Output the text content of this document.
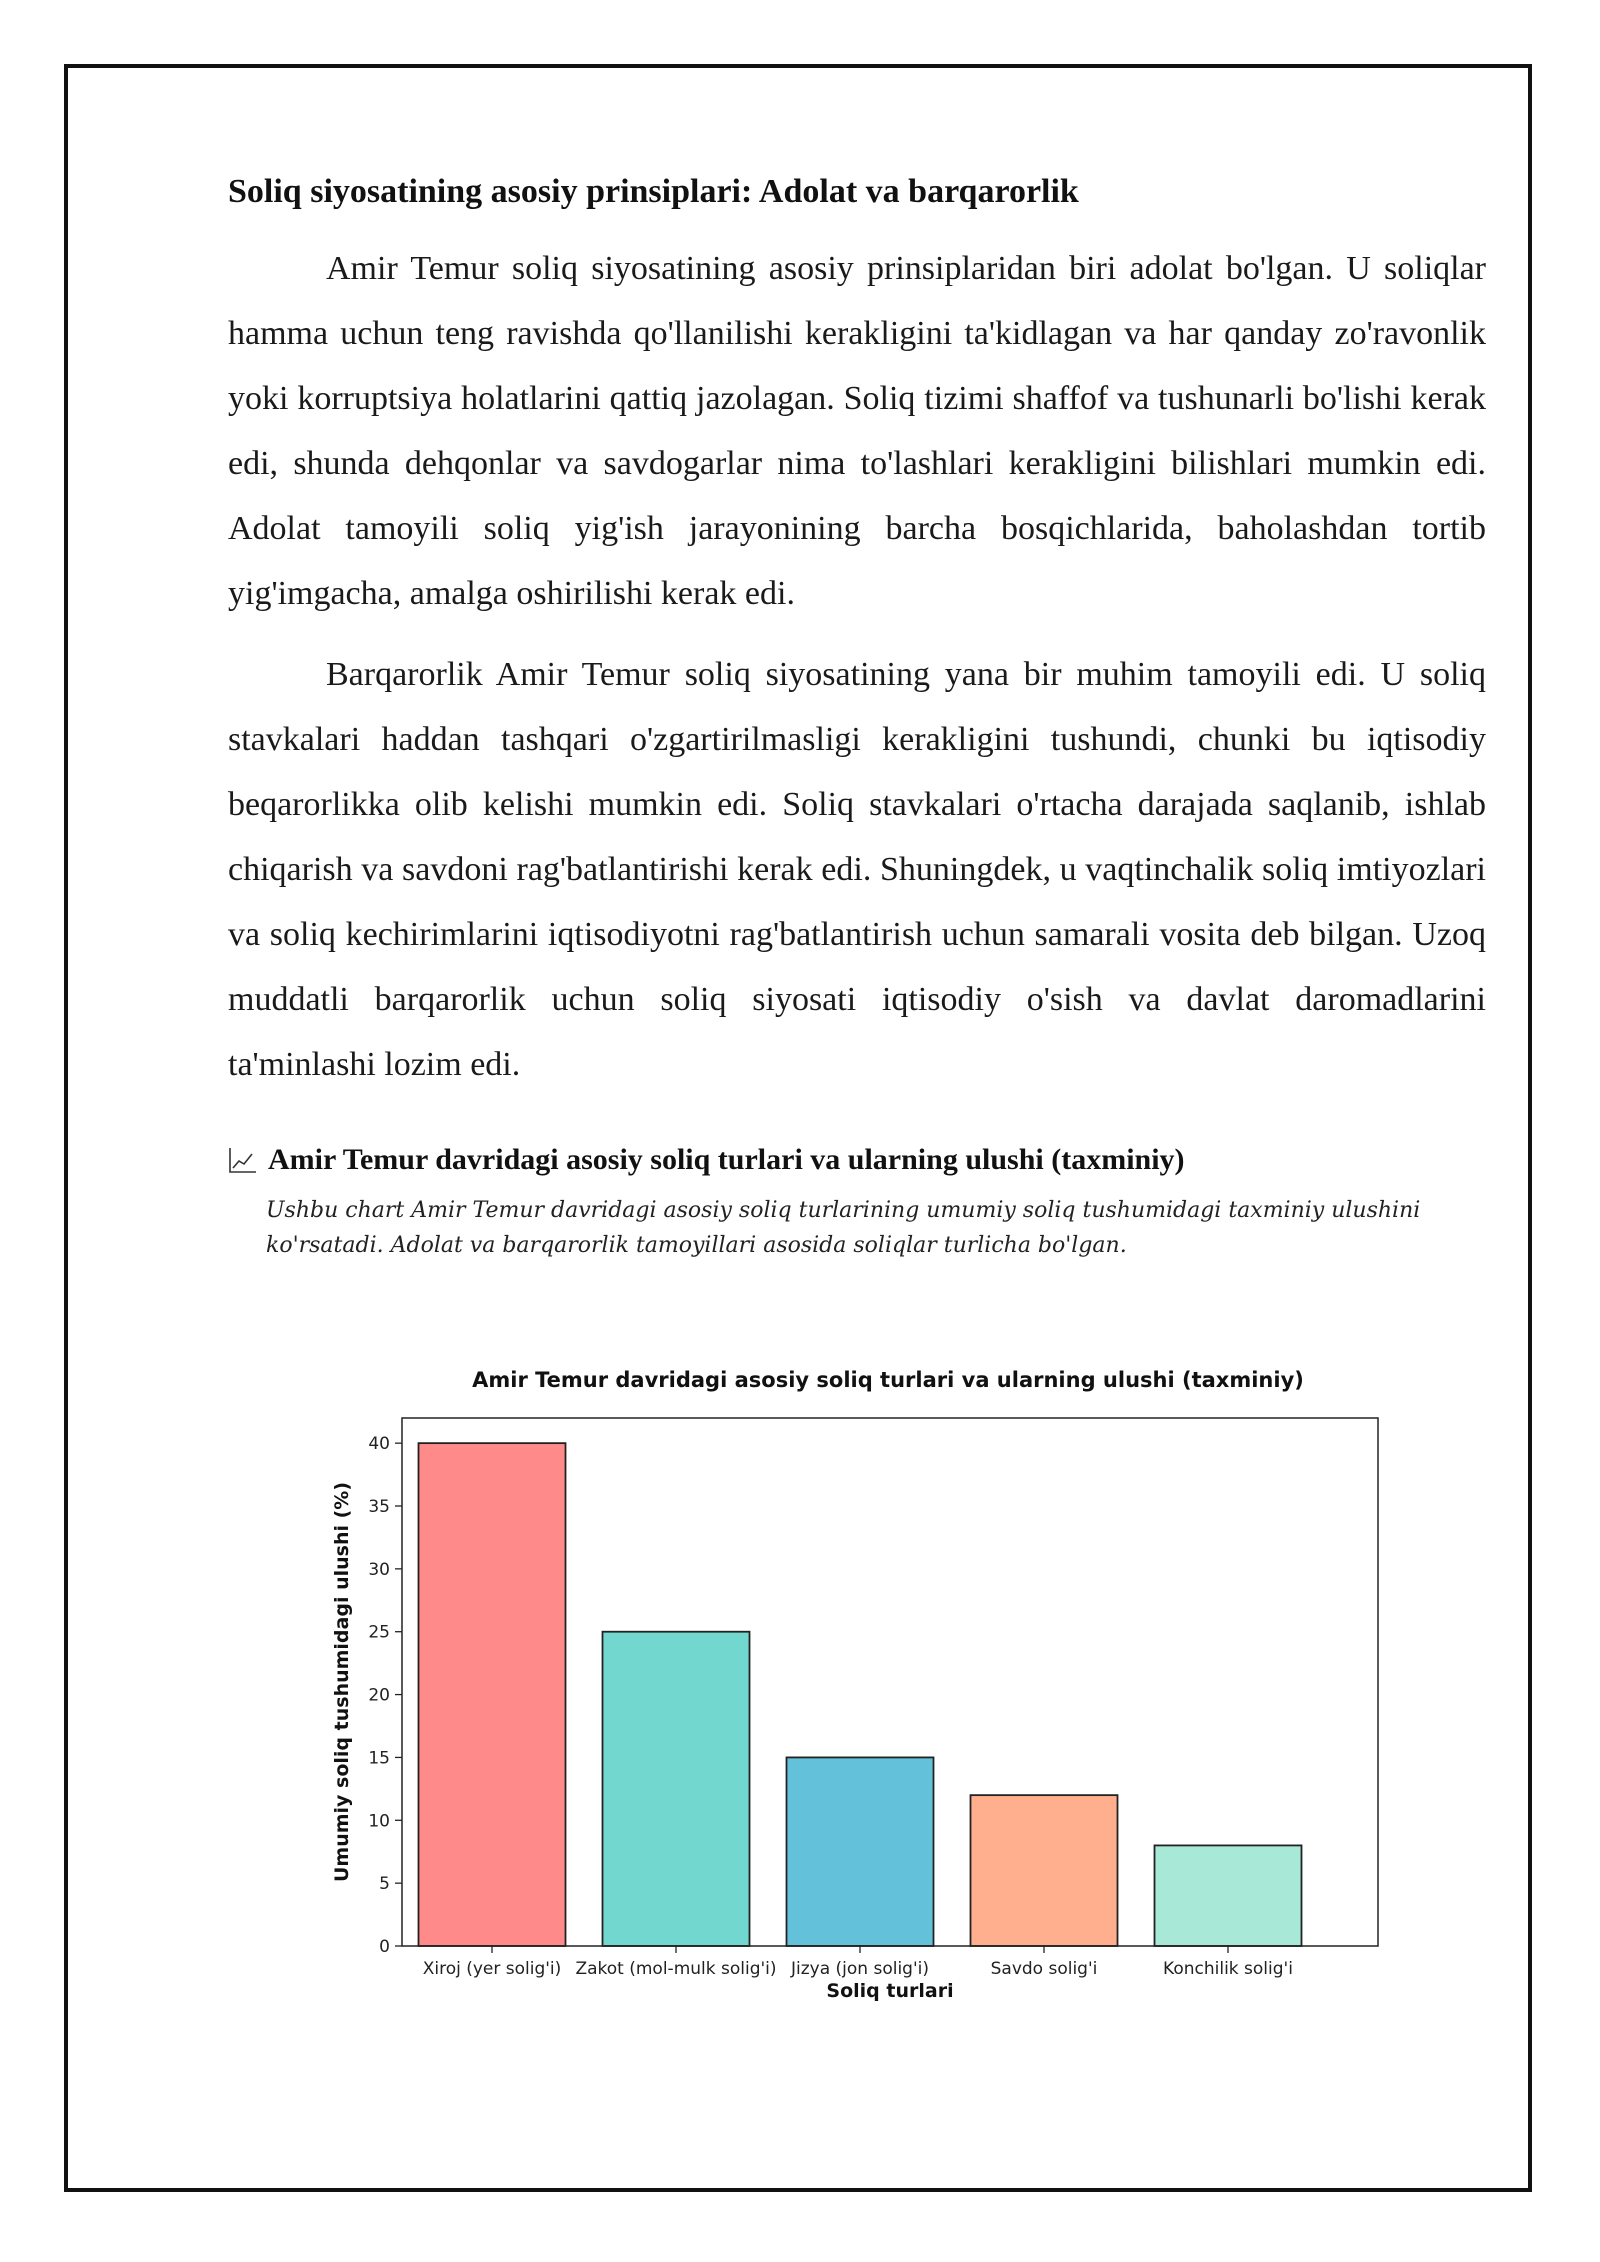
Soliq siyosatining asosiy prinsiplari: Adolat va barqarorlik

Amir Temur soliq siyosatining asosiy prinsiplaridan biri adolat bo'lgan. U soliqlar hamma uchun teng ravishda qo'llanilishi kerakligini ta'kidlagan va har qanday zo'ravonlik yoki korruptsiya holatlarini qattiq jazolagan. Soliq tizimi shaffof va tushunarli bo'lishi kerak edi, shunda dehqonlar va savdogarlar nima to'lashlari kerakligini bilishlari mumkin edi. Adolat tamoyili soliq yig'ish jarayonining barcha bosqichlarida, baholashdan tortib yig'imgacha, amalga oshirilishi kerak edi.

Barqarorlik Amir Temur soliq siyosatining yana bir muhim tamoyili edi. U soliq stavkalari haddan tashqari o'zgartirilmasligi kerakligini tushundi, chunki bu iqtisodiy beqarorlikka olib kelishi mumkin edi. Soliq stavkalari o'rtacha darajada saqlanib, ishlab chiqarish va savdoni rag'batlantirishi kerak edi. Shuningdek, u vaqtinchalik soliq imtiyozlari va soliq kechirimlarini iqtisodiyotni rag'batlantirish uchun samarali vosita deb bilgan. Uzoq muddatli barqarorlik uchun soliq siyosati iqtisodiy o'sish va davlat daromadlarini ta'minlashi lozim edi.

Amir Temur davridagi asosiy soliq turlari va ularning ulushi (taxminiy)
Ushbu chart Amir Temur davridagi asosiy soliq turlarining umumiy soliq tushumidagi taxminiy ulushini ko'rsatadi. Adolat va barqarorlik tamoyillari asosida soliqlar turlicha bo'lgan.
Amir Temur davridagi asosiy soliq turlari va ularning ulushi (taxminiy)
0
5
10
15
20
25
30
35
40
Xiroj (yer solig'i) Zakot (mol-mulk solig'i) Jizya (jon solig'i)	Savdo solig'i	Konchilik solig'i
Soliq turlari
Umumiy soliq tushumidagi ulushi (%)
